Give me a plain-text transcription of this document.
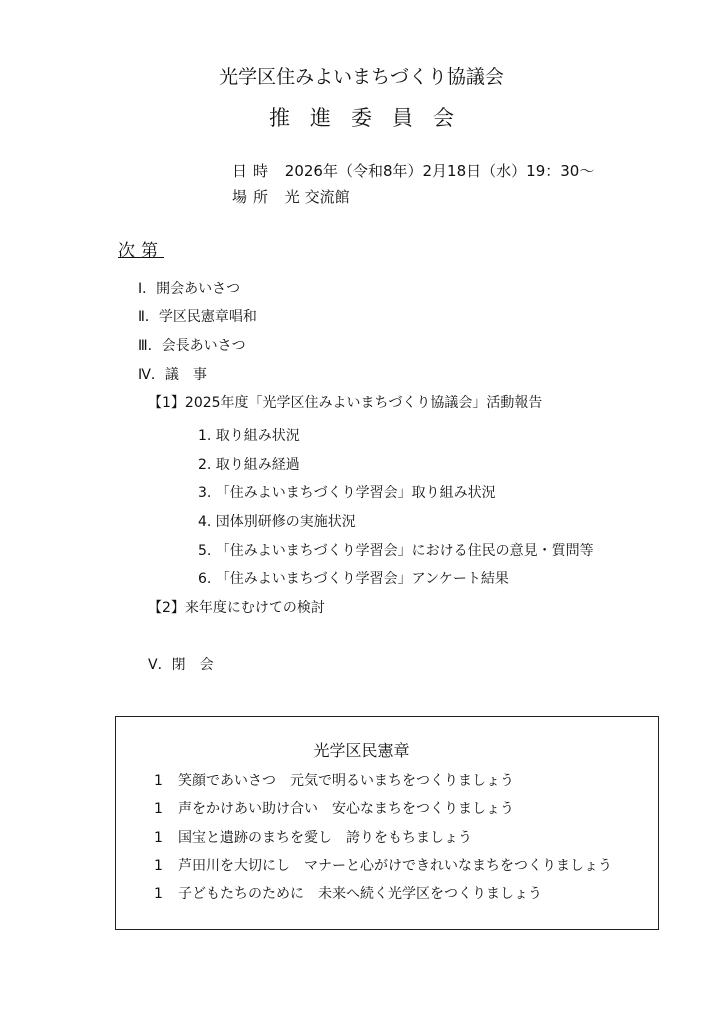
光学区住みよいまちづくり協議会
推進委員会
日時 2026年（令和8年）2月18日（水）19：30～
場所 光 交流館
次第
Ⅰ．開会あいさつ
Ⅱ．学区民憲章唱和
Ⅲ．会長あいさつ
Ⅳ．議　事
【1】2025年度「光学区住みよいまちづくり協議会」活動報告
1. 取り組み状況
2. 取り組み経過
3. 「住みよいまちづくり学習会」取り組み状況
4. 団体別研修の実施状況
5. 「住みよいまちづくり学習会」における住民の意見・質問等
6. 「住みよいまちづくり学習会」アンケート結果
【2】来年度にむけての検討
Ⅴ．閉　会
光学区民憲章
1 笑顔であいさつ　元気で明るいまちをつくりましょう
1 声をかけあい助け合い　安心なまちをつくりましょう
1 国宝と遺跡のまちを愛し　誇りをもちましょう
1 芦田川を大切にし　マナーと心がけできれいなまちをつくりましょう
1 子どもたちのために　未来へ続く光学区をつくりましょう
